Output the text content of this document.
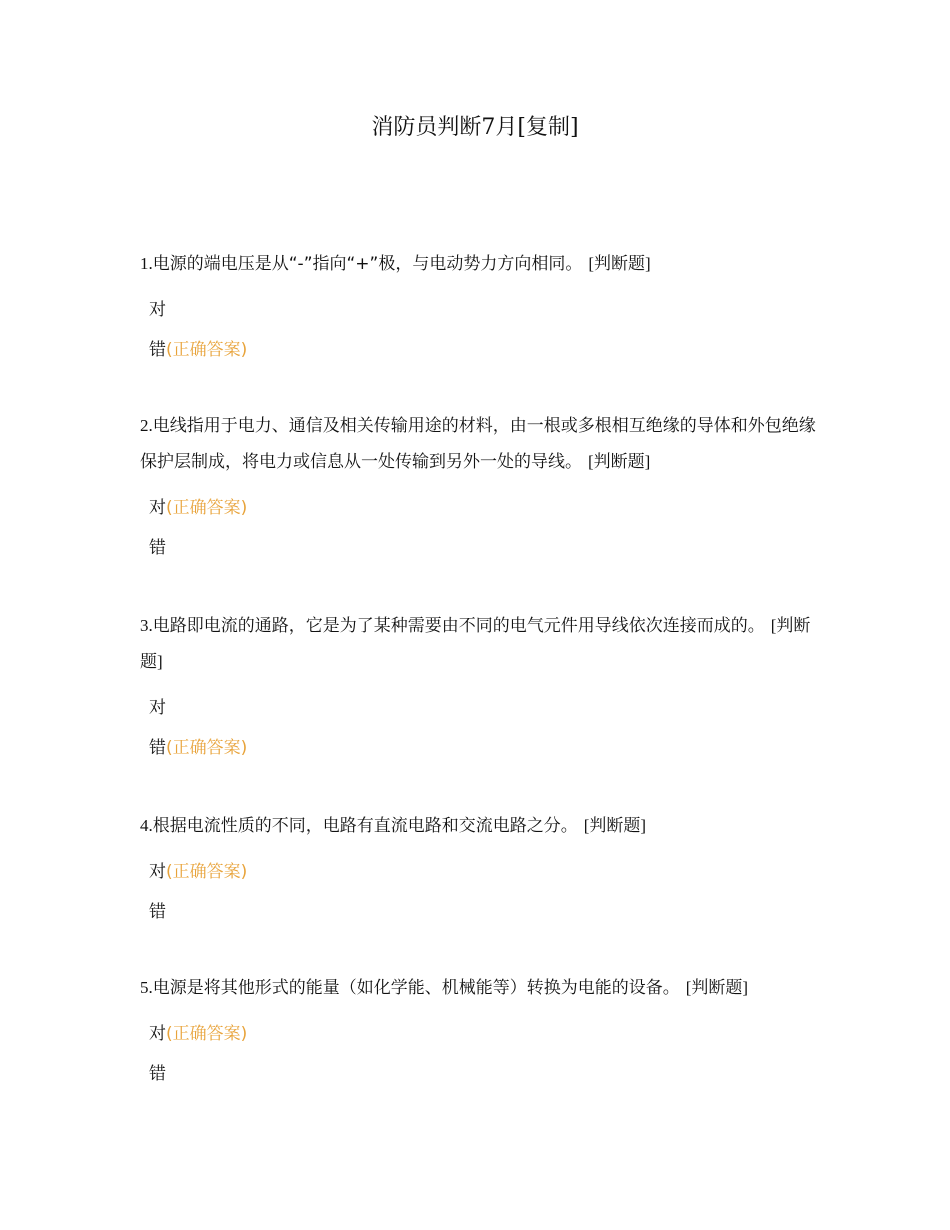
消防员判断7月[复制]

1.电源的端电压是从“-”指向“+”极，与电动势力方向相同。 [判断题]

对
错(正确答案)

2.电线指用于电力、通信及相关传输用途的材料，由一根或多根相互绝缘的导体和外包绝缘保护层制成，将电力或信息从一处传输到另外一处的导线。 [判断题]

对(正确答案)
错

3.电路即电流的通路，它是为了某种需要由不同的电气元件用导线依次连接而成的。 [判断题]

对
错(正确答案)

4.根据电流性质的不同，电路有直流电路和交流电路之分。 [判断题]

对(正确答案)
错

5.电源是将其他形式的能量（如化学能、机械能等）转换为电能的设备。 [判断题]

对(正确答案)
错
